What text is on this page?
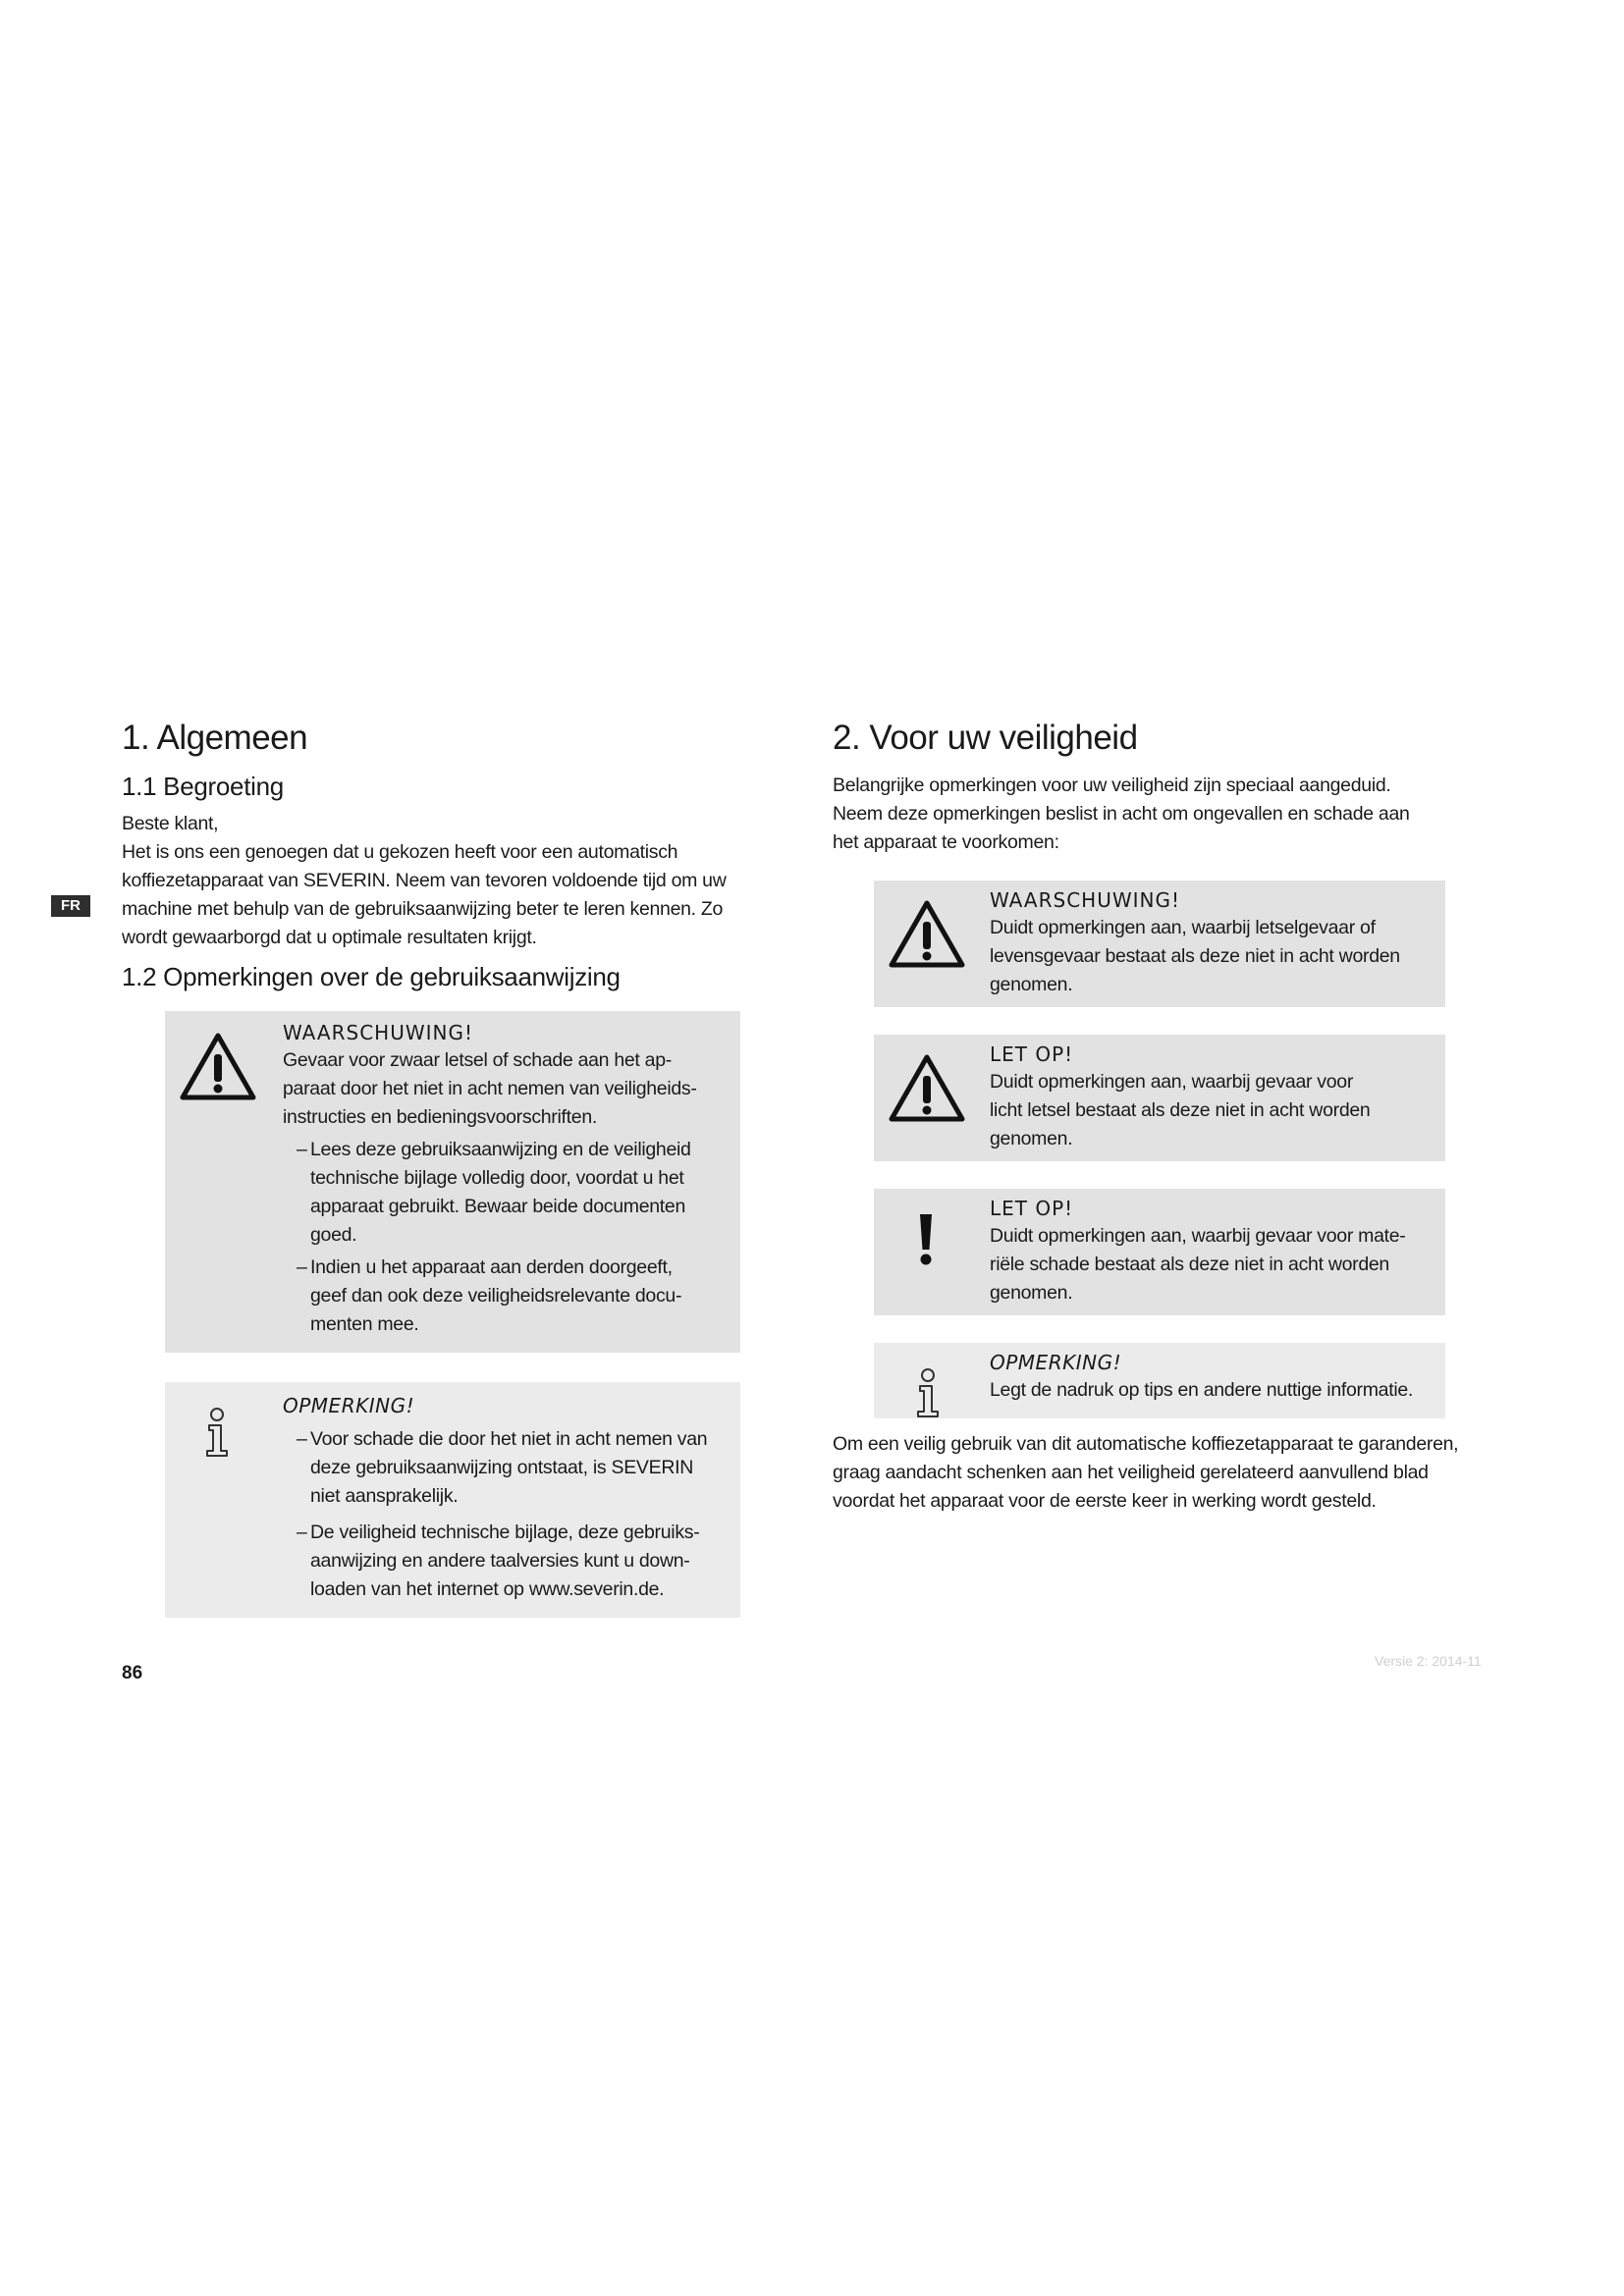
FR
1. Algemeen
1.1 Begroeting

Beste klant,

Het is ons een genoegen dat u gekozen heeft voor een automatisch

koffiezetapparaat van SEVERIN. Neem van tevoren voldoende tijd om uw

machine met behulp van de gebruiksaanwijzing beter te leren kennen. Zo

wordt gewaarborgd dat u optimale resultaten krijgt.

1.2 Opmerkingen over de gebruiksaanwijzing
WAARSCHUWING!
Gevaar voor zwaar letsel of schade aan het ap-
paraat door het niet in acht nemen van veiligheids-
instructies en bedieningsvoorschriften.
– Lees deze gebruiksaanwijzing en de veiligheid
technische bijlage volledig door, voordat u het
apparaat gebruikt. Bewaar beide documenten
goed.
– Indien u het apparaat aan derden doorgeeft,
geef dan ook deze veiligheidsrelevante docu-
menten mee.
OPMERKING!
– Voor schade die door het niet in acht nemen van
deze gebruiksaanwijzing ontstaat, is SEVERIN
niet aansprakelijk.
– De veiligheid technische bijlage, deze gebruiks-
aanwijzing en andere taalversies kunt u down-
loaden van het internet op www.severin.de.
2. Voor uw veiligheid

Belangrijke opmerkingen voor uw veiligheid zijn speciaal aangeduid.

Neem deze opmerkingen beslist in acht om ongevallen en schade aan

het apparaat te voorkomen:

WAARSCHUWING!
Duidt opmerkingen aan, waarbij letselgevaar of
levensgevaar bestaat als deze niet in acht worden
genomen.
LET OP!
Duidt opmerkingen aan, waarbij gevaar voor
licht letsel bestaat als deze niet in acht worden
genomen.
LET OP!
Duidt opmerkingen aan, waarbij gevaar voor mate-
riële schade bestaat als deze niet in acht worden
genomen.
OPMERKING!
Legt de nadruk op tips en andere nuttige informatie.

Om een veilig gebruik van dit automatische koffiezetapparaat te garanderen,

graag aandacht schenken aan het veiligheid gerelateerd aanvullend blad

voordat het apparaat voor de eerste keer in werking wordt gesteld.

86
Versie 2: 2014-11
